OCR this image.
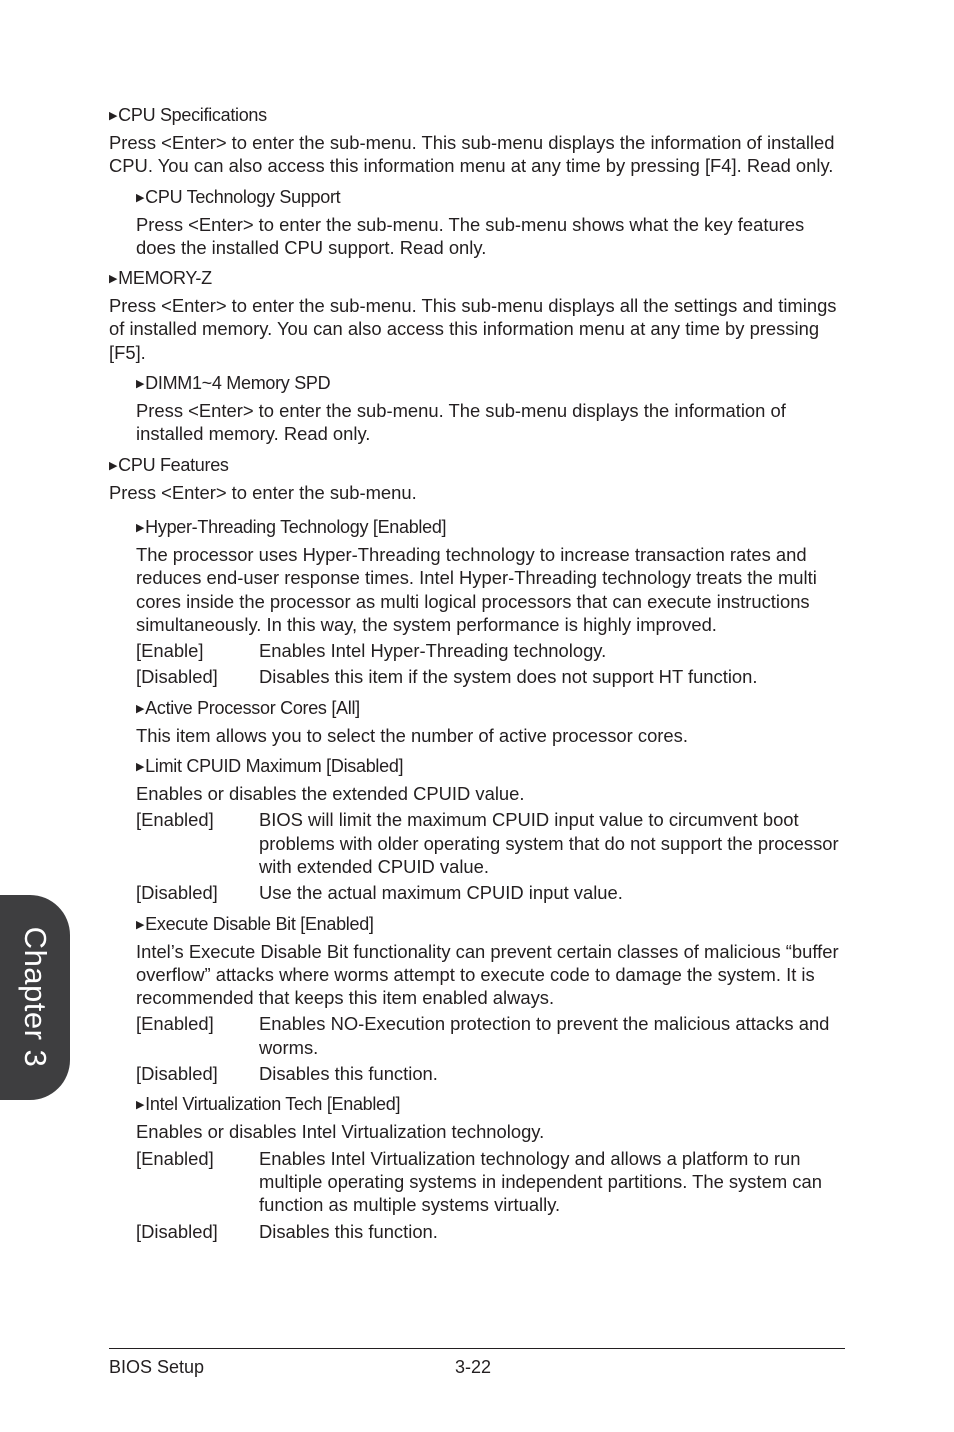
▶CPU Specifications

Press <Enter> to enter the sub-menu. This sub-menu displays the information of installed CPU. You can also access this information menu at any time by pressing [F4]. Read only.

▶CPU Technology Support

Press <Enter> to enter the sub-menu. The sub-menu shows what the key features does the installed CPU support. Read only.

▶MEMORY-Z

Press <Enter> to enter the sub-menu. This sub-menu displays all the settings and timings of installed memory. You can also access this information menu at any time by pressing [F5].

▶DIMM1~4 Memory SPD

Press <Enter> to enter the sub-menu. The sub-menu displays the information of installed memory. Read only.

▶CPU Features

Press <Enter> to enter the sub-menu.

▶Hyper-Threading Technology [Enabled]

The processor uses Hyper-Threading technology to increase transaction rates and reduces end-user response times. Intel Hyper-Threading technology treats the multi cores inside the processor as multi logical processors that can execute instructions simultaneously. In this way, the system performance is highly improved.

[Enable]	Enables Intel Hyper-Threading technology.
[Disabled]	Disables this item if the system does not support HT function.
▶Active Processor Cores [All]

This item allows you to select the number of active processor cores.

▶Limit CPUID Maximum [Disabled]

Enables or disables the extended CPUID value.

[Enabled]	BIOS will limit the maximum CPUID input value to circumvent boot problems with older operating system that do not support the processor with extended CPUID value.
[Disabled]	Use the actual maximum CPUID input value.
▶Execute Disable Bit [Enabled]

Intel’s Execute Disable Bit functionality can prevent certain classes of malicious “buffer overflow” attacks where worms attempt to execute code to damage the system. It is recommended that keeps this item enabled always.

[Enabled]	Enables NO-Execution protection to prevent the malicious attacks and worms.
[Disabled]	Disables this function.
▶Intel Virtualization Tech [Enabled]

Enables or disables Intel Virtualization technology.

[Enabled]	Enables Intel Virtualization technology and allows a platform to run multiple operating systems in independent partitions. The system can function as multiple systems virtually.
[Disabled]	Disables this function.
Chapter 3
BIOS Setup	3-22
